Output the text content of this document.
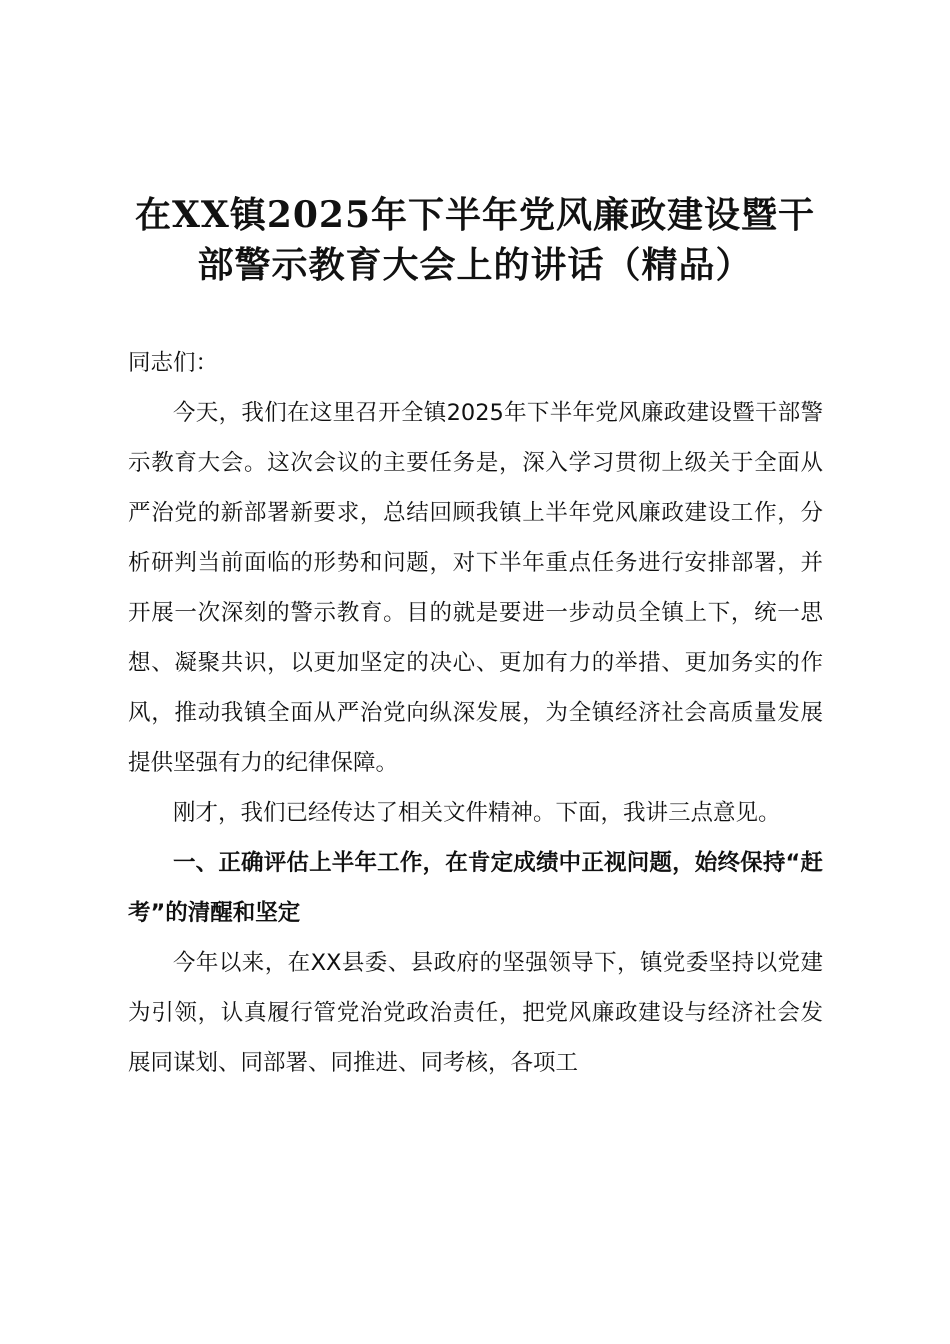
在XX镇2025年下半年党风廉政建设暨干
部警示教育大会上的讲话（精品）

同志们：

今天，我们在这里召开全镇2025年下半年党风廉政建设暨干部警示教育大会。这次会议的主要任务是，深入学习贯彻上级关于全面从严治党的新部署新要求，总结回顾我镇上半年党风廉政建设工作，分析研判当前面临的形势和问题，对下半年重点任务进行安排部署，并开展一次深刻的警示教育。目的就是要进一步动员全镇上下，统一思想、凝聚共识，以更加坚定的决心、更加有力的举措、更加务实的作风，推动我镇全面从严治党向纵深发展，为全镇经济社会高质量发展提供坚强有力的纪律保障。

刚才，我们已经传达了相关文件精神。下面，我讲三点意见。

一、正确评估上半年工作，在肯定成绩中正视问题，始终保持“赶考”的清醒和坚定

今年以来，在XX县委、县政府的坚强领导下，镇党委坚持以党建为引领，认真履行管党治党政治责任，把党风廉政建设与经济社会发展同谋划、同部署、同推进、同考核，各项工
